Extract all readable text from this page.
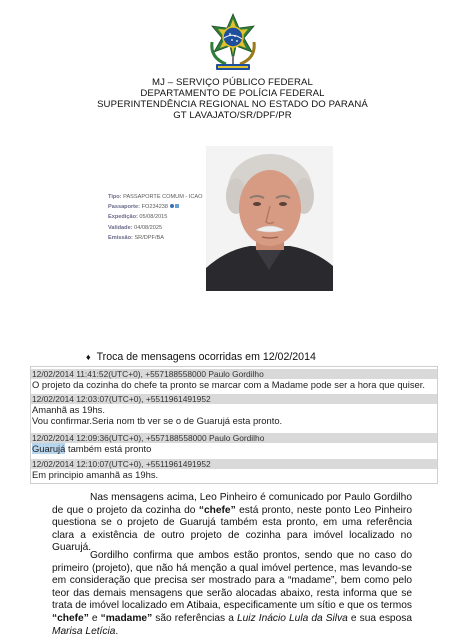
MJ – SERVIÇO PÚBLICO FEDERAL
DEPARTAMENTO DE POLÍCIA FEDERAL
SUPERINTENDÊNCIA REGIONAL NO ESTADO DO PARANÁ
GT LAVAJATO/SR/DPF/PR
Tipo: PASSAPORTE COMUM - ICAO
Passaporte: FO234238
Expedição: 05/08/2015
Validade: 04/08/2025
Emissão: SR/DPF/BA
♦ Troca de mensagens ocorridas em 12/02/2014
12/02/2014 11:41:52(UTC+0), +557188558000 Paulo Gordilho
O projeto da cozinha do chefe ta pronto se marcar com a Madame pode ser a hora que quiser.
12/02/2014 12:03:07(UTC+0), +5511961491952
Amanhã as 19hs.
Vou confirmar.Seria nom tb ver se o de Guarujá esta pronto.
12/02/2014 12:09:36(UTC+0), +557188558000 Paulo Gordilho
Guarujá também está pronto
12/02/2014 12:10:07(UTC+0), +5511961491952
Em principio amanhã as 19hs.

Nas mensagens acima, Leo Pinheiro é comunicado por Paulo Gordilho de que o projeto da cozinha do “chefe” está pronto, neste ponto Leo Pinheiro questiona se o projeto de Guarujá também esta pronto, em uma referência clara a existência de outro projeto de cozinha para imóvel localizado no Guarujá.

Gordilho confirma que ambos estão prontos, sendo que no caso do primeiro (projeto), que não há menção a qual imóvel pertence, mas levando-se em consideração que precisa ser mostrado para a “madame”, bem como pelo teor das demais mensagens que serão alocadas abaixo, resta informa que se trata de imóvel localizado em Atibaia, especificamente um sítio e que os termos “chefe” e “madame” são referências a Luiz Inácio Lula da Silva e sua esposa Marisa Letícia.
